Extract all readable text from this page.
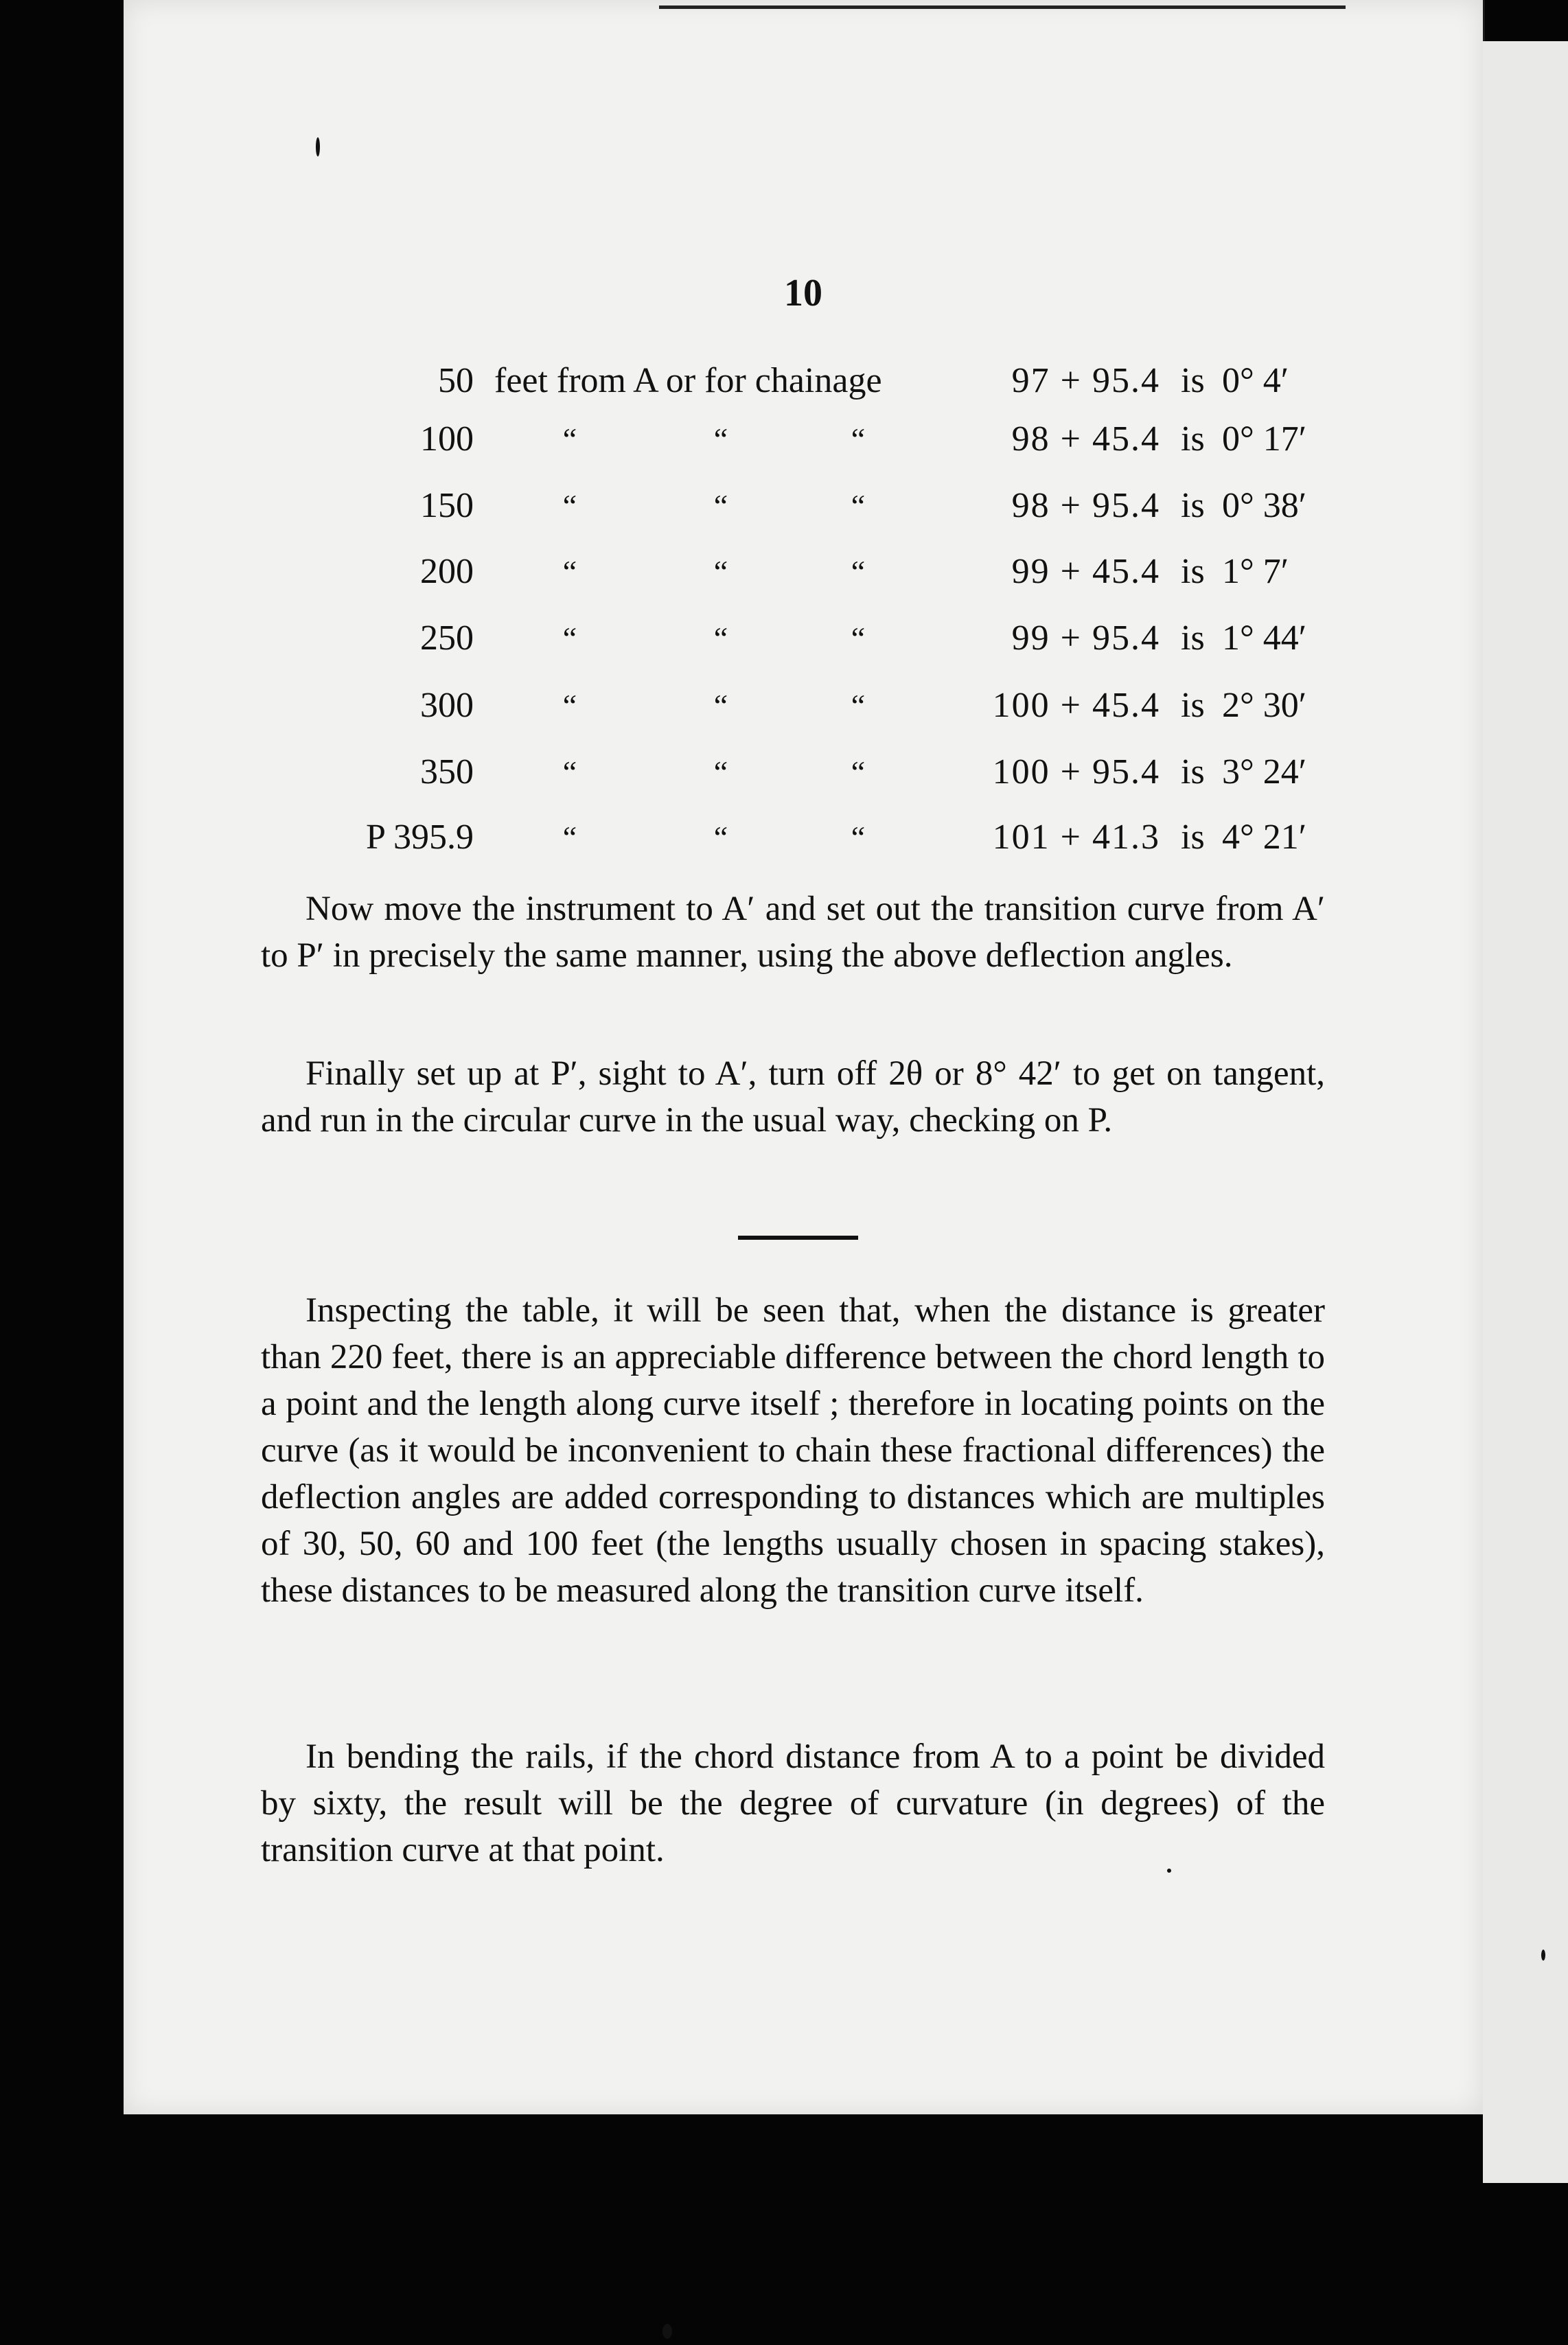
10
50 feet from A or for chainage	97 + 95.4 is 0° 4′
100	“	“	“	98 + 45.4 is 0° 17′
150	“	“	“	98 + 95.4 is 0° 38′
200	“	“	“	99 + 45.4 is 1° 7′
250	“	“	“	99 + 95.4 is 1° 44′
300	“	“	“	100 + 45.4 is 2° 30′
350	“	“	“	100 + 95.4 is 3° 24′
P 395.9	“	“	“	101 + 41.3 is 4° 21′
Now move the instrument to A′ and set out the transition curve from A′ to P′ in precisely the same manner, using the above deflection angles.
Finally set up at P′, sight to A′, turn off 2θ or 8° 42′ to get on tangent, and run in the circular curve in the usual way, checking on P.
Inspecting the table, it will be seen that, when the distance is greater than 220 feet, there is an appreciable difference between the chord length to a point and the length along curve itself ; therefore in locating points on the curve (as it would be inconvenient to chain these fractional differences) the deflection angles are added corresponding to distances which are multiples of 30, 50, 60 and 100 feet (the lengths usually chosen in spacing stakes), these distances to be measured along the transition curve itself.
In bending the rails, if the chord distance from A to a point be divided by sixty, the result will be the degree of curvature (in degrees) of the transition curve at that point.
